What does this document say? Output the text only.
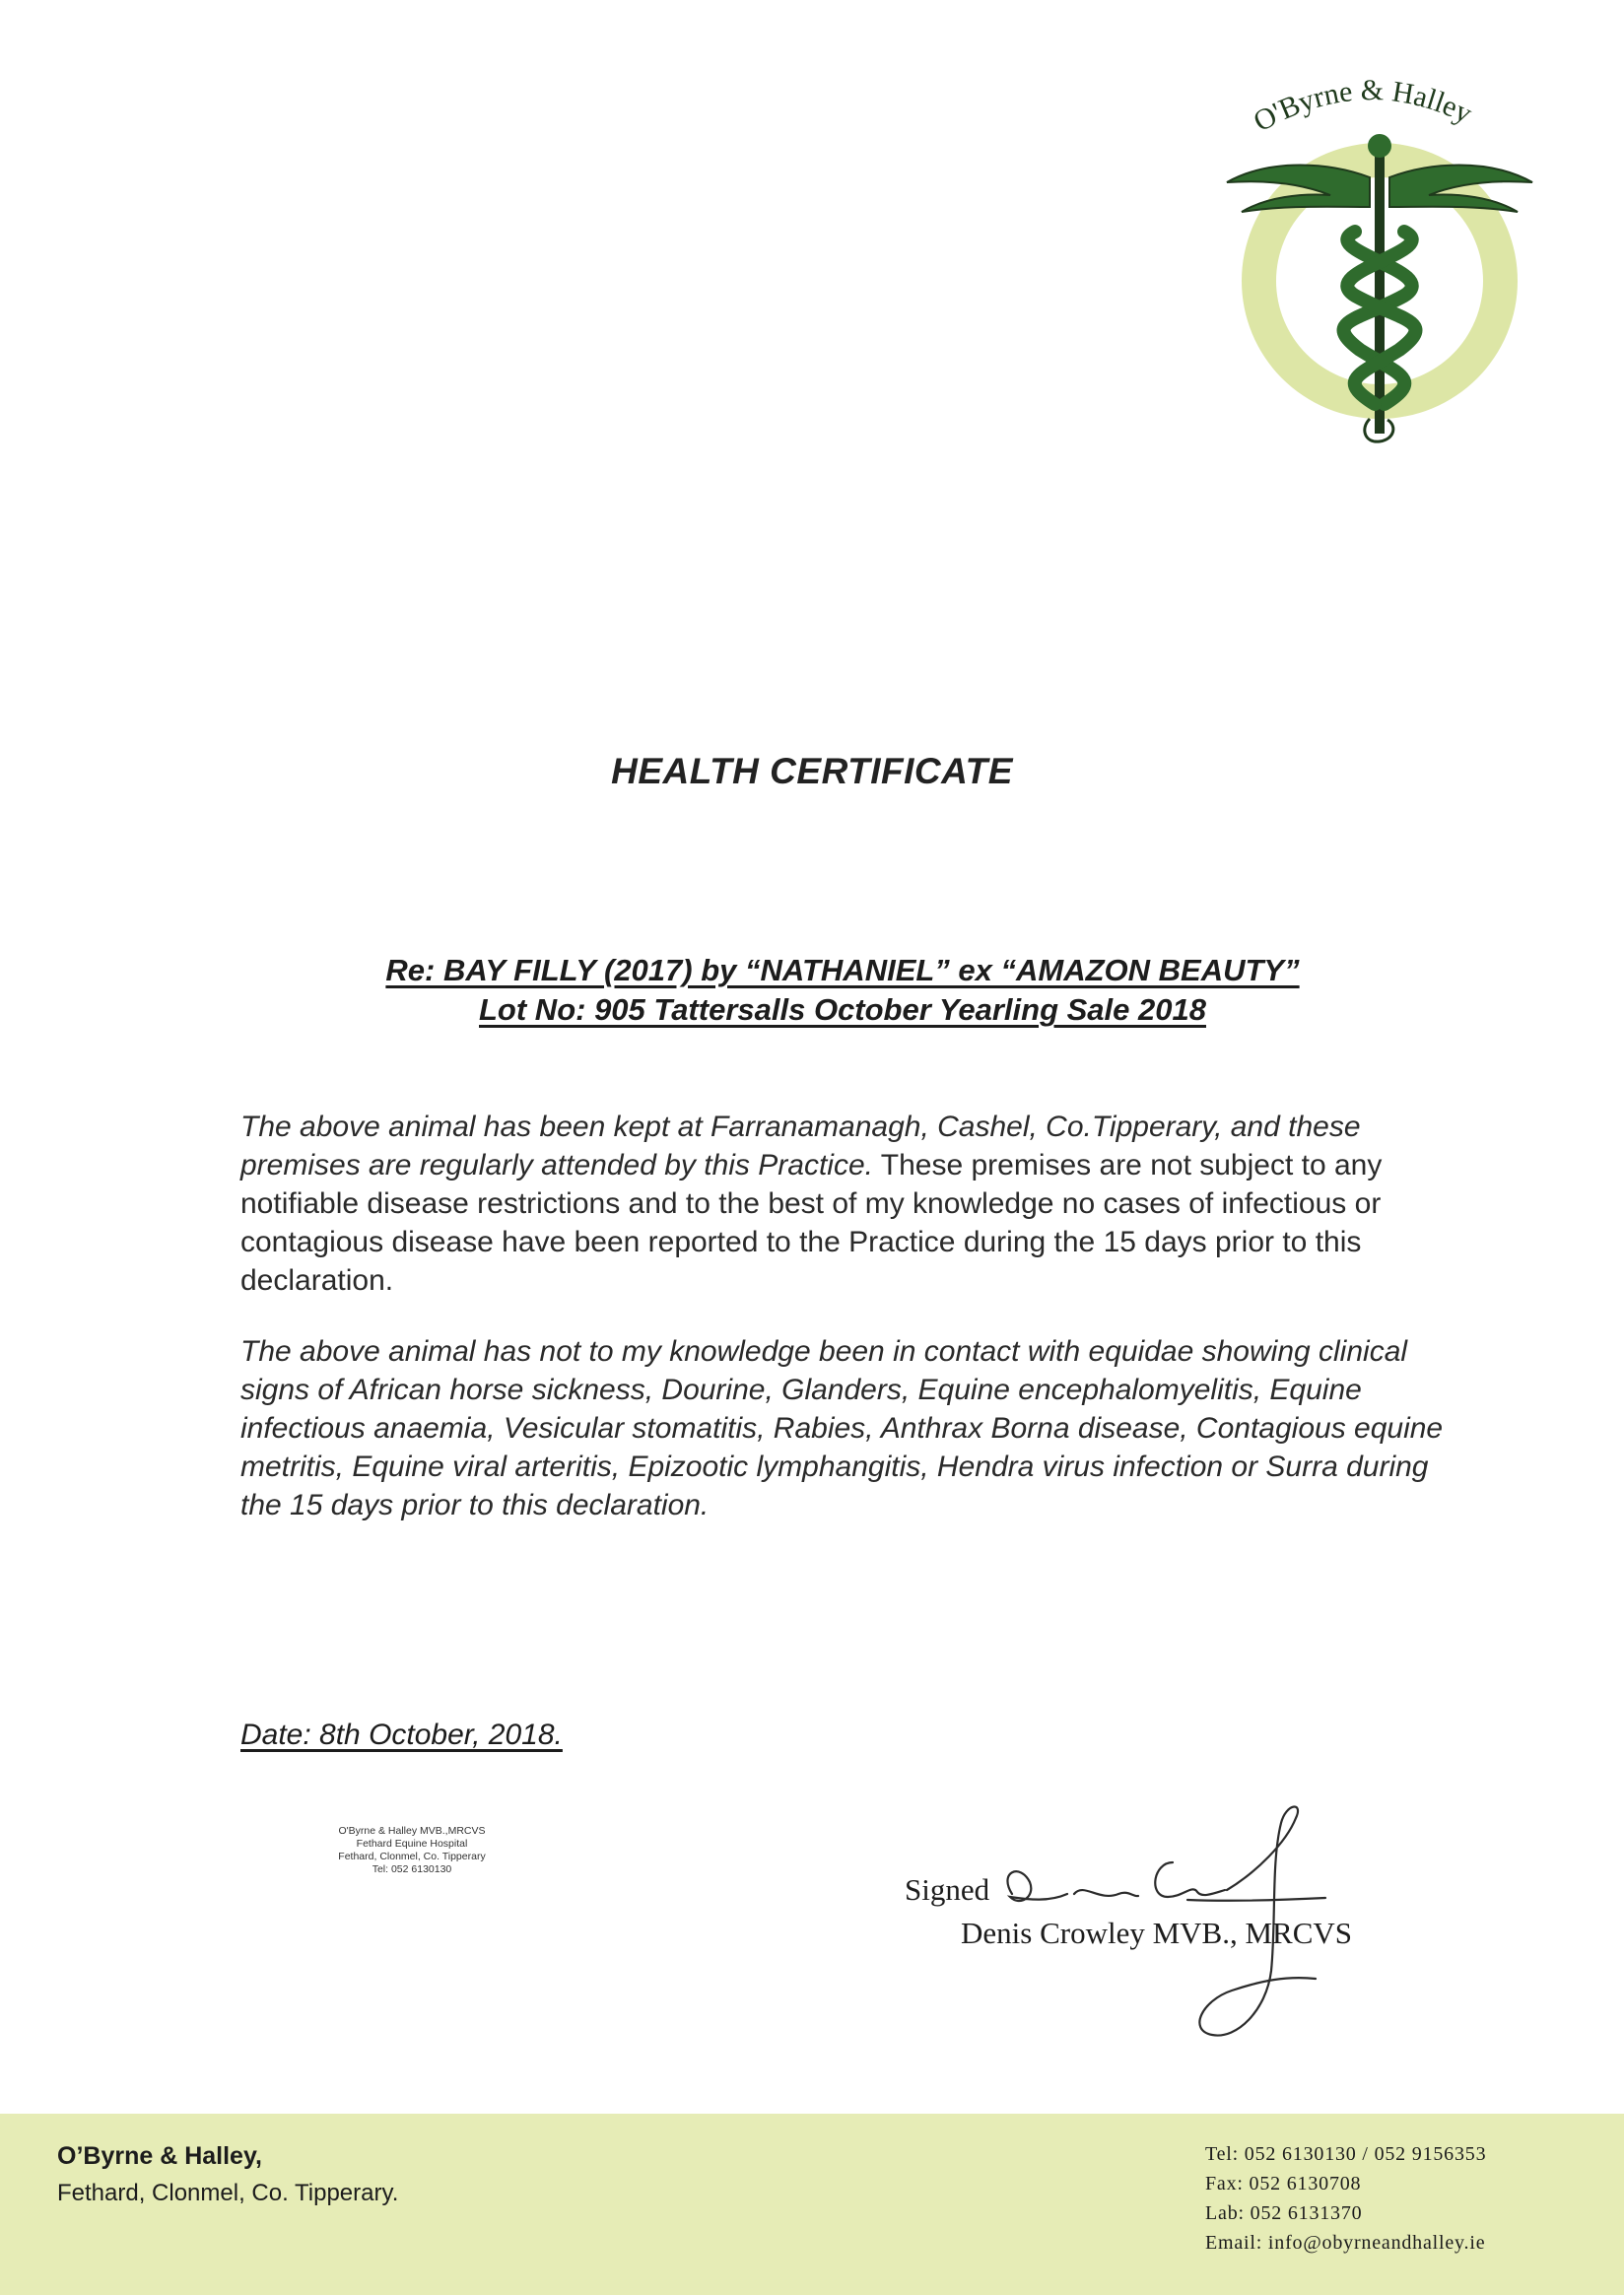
O'Byrne & Halley
HEALTH CERTIFICATE
Re: BAY FILLY (2017) by “NATHANIEL” ex “AMAZON BEAUTY”
Lot No: 905 Tattersalls October Yearling Sale 2018
The above animal has been kept at Farranamanagh, Cashel, Co.Tipperary, and these premises are regularly attended by this Practice. These premises are not subject to any notifiable disease restrictions and to the best of my knowledge no cases of infectious or contagious disease have been reported to the Practice during the 15 days prior to this declaration.
The above animal has not to my knowledge been in contact with equidae showing clinical signs of African horse sickness, Dourine, Glanders, Equine encephalomyelitis, Equine infectious anaemia, Vesicular stomatitis, Rabies, Anthrax Borna disease, Contagious equine metritis, Equine viral arteritis, Epizootic lymphangitis, Hendra virus infection or Surra during the 15 days prior to this declaration.
Date: 8th October, 2018.
O'Byrne & Halley MVB.,MRCVS
Fethard Equine Hospital
Fethard, Clonmel, Co. Tipperary
Tel: 052 6130130
Signed
Denis Crowley MVB., MRCVS
O’Byrne & Halley,
Fethard, Clonmel, Co. Tipperary.
Tel: 052 6130130 / 052 9156353
Fax: 052 6130708
Lab: 052 6131370
Email: info@obyrneandhalley.ie
